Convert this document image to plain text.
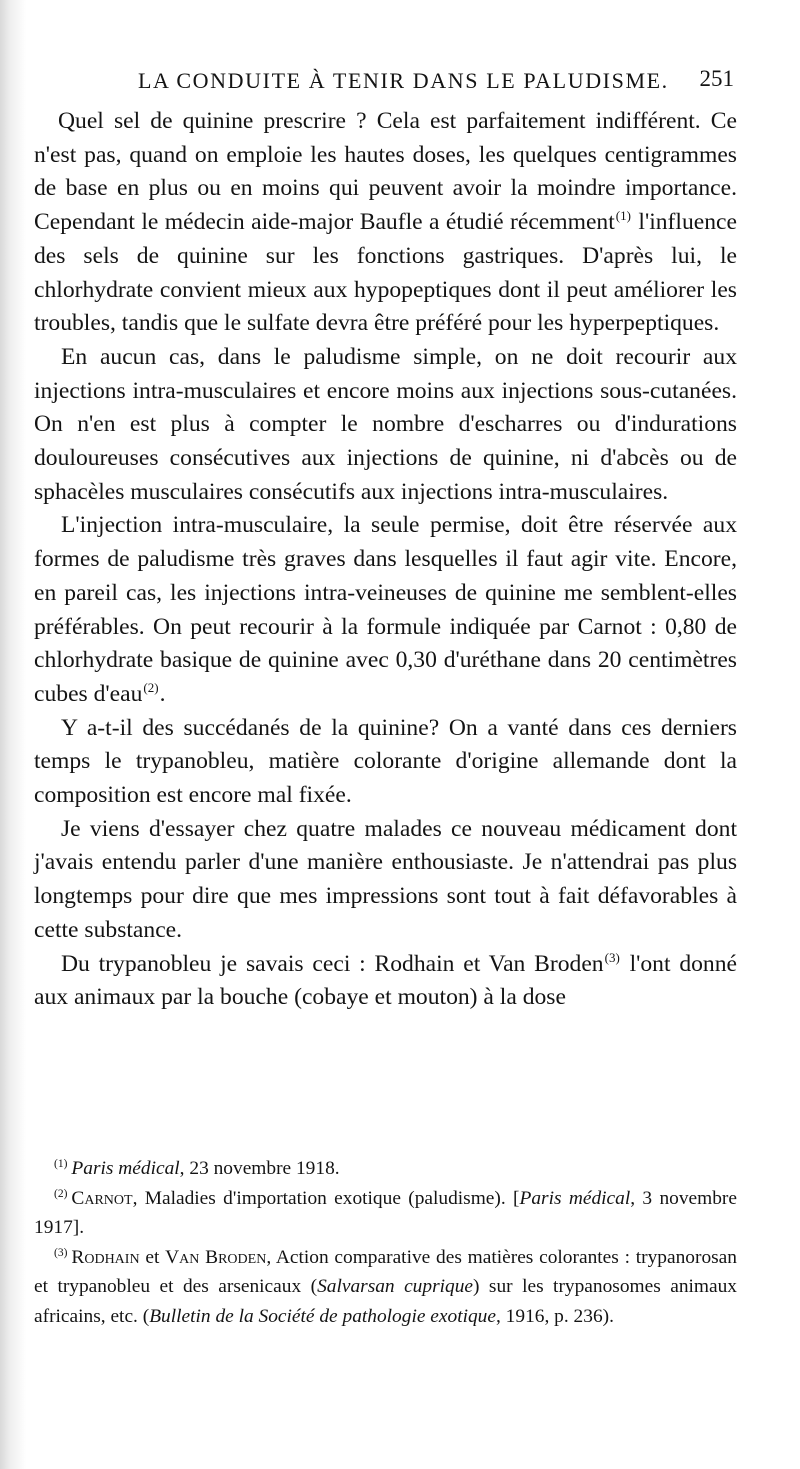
LA CONDUITE À TENIR DANS LE PALUDISME. 251

Quel sel de quinine prescrire ? Cela est parfaitement indifférent. Ce n'est pas, quand on emploie les hautes doses, les quelques centigrammes de base en plus ou en moins qui peuvent avoir la moindre importance. Cependant le médecin aide-major Baufle a étudié récemment$^{(1)}$ l'influence des sels de quinine sur les fonctions gastriques. D'après lui, le chlorhydrate convient mieux aux hypopeptiques dont il peut améliorer les troubles, tandis que le sulfate devra être préféré pour les hyperpeptiques.

En aucun cas, dans le paludisme simple, on ne doit recourir aux injections intra-musculaires et encore moins aux injections sous-cutanées. On n'en est plus à compter le nombre d'escharres ou d'indurations douloureuses consécutives aux injections de quinine, ni d'abcès ou de sphacèles musculaires consécutifs aux injections intra-musculaires.

L'injection intra-musculaire, la seule permise, doit être réservée aux formes de paludisme très graves dans lesquelles il faut agir vite. Encore, en pareil cas, les injections intra-veineuses de quinine me semblent-elles préférables. On peut recourir à la formule indiquée par Carnot : 0,80 de chlorhydrate basique de quinine avec 0,30 d'uréthane dans 20 centimètres cubes d'eau$^{(2)}$.

Y a-t-il des succédanés de la quinine? On a vanté dans ces derniers temps le trypanobleu, matière colorante d'origine allemande dont la composition est encore mal fixée.

Je viens d'essayer chez quatre malades ce nouveau médicament dont j'avais entendu parler d'une manière enthousiaste. Je n'attendrai pas plus longtemps pour dire que mes impressions sont tout à fait défavorables à cette substance.

Du trypanobleu je savais ceci : Rodhain et Van Broden$^{(3)}$ l'ont donné aux animaux par la bouche (cobaye et mouton) à la dose

$^{(1)}$ Paris médical, 23 novembre 1918.

$^{(2)}$ Carnot, Maladies d'importation exotique (paludisme). [Paris médical, 3 novembre 1917].

$^{(3)}$ Rodhain et Van Broden, Action comparative des matières colorantes : trypanorosan et trypanobleu et des arsenicaux (Salvarsan cuprique) sur les trypanosomes animaux africains, etc. (Bulletin de la Société de pathologie exotique, 1916, p. 236).
